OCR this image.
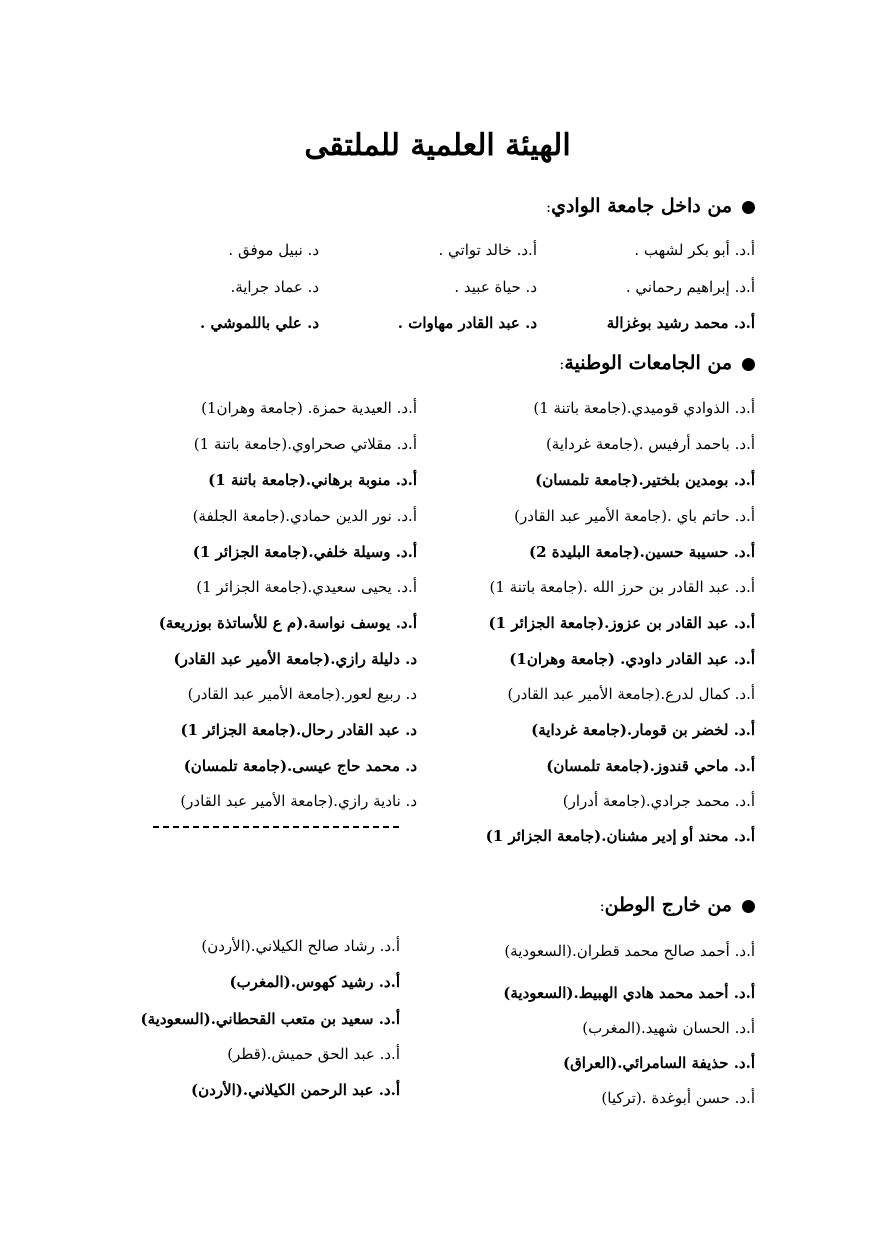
الهيئة العلمية للملتقى
من داخل جامعة الوادي:
أ.د. أبو بكر لشهب .
أ.د. خالد تواتي .
د. نبيل موفق .
أ.د. إبراهيم رحماني .
د. حياة عبيد .
د. عماد جراية.
أ.د. محمد رشيد بوغزالة
د. عبد القادر مهاوات .
د. علي باللموشي .
من الجامعات الوطنية:
أ.د. الذوادي قوميدي.(جامعة باتنة 1)
أ.د. باحمد أرفيس .(جامعة غرداية)
أ.د. بومدين بلختير.(جامعة تلمسان)
أ.د. حاتم باي .(جامعة الأمير عبد القادر)
أ.د. حسيبة حسين.(جامعة البليدة 2)
أ.د. عبد القادر بن حرز الله .(جامعة باتنة 1)
أ.د. عبد القادر بن عزوز.(جامعة الجزائر 1)
أ.د. عبد القادر داودي. (جامعة وهران1)
أ.د. كمال لدرع.(جامعة الأمير عبد القادر)
أ.د. لخضر بن قومار.(جامعة غرداية)
أ.د. ماحي قندوز.(جامعة تلمسان)
أ.د. محمد جرادي.(جامعة أدرار)
أ.د. محند أو إدير مشنان.(جامعة الجزائر 1)
أ.د. العيدية حمزة. (جامعة وهران1)
أ.د. مقلاتي صحراوي.(جامعة باتنة 1)
أ.د. منوبة برهاني.(جامعة باتنة 1)
أ.د. نور الدين حمادي.(جامعة الجلفة)
أ.د. وسيلة خلفي.(جامعة الجزائر 1)
أ.د. يحيى سعيدي.(جامعة الجزائر 1)
أ.د. يوسف نواسة.(م ع للأساتذة بوزريعة)
د. دليلة رازي.(جامعة الأمير عبد القادر)
د. ربيع لعور.(جامعة الأمير عبد القادر)
د. عبد القادر رحال.(جامعة الجزائر 1)
د. محمد حاج عيسى.(جامعة تلمسان)
د. نادية رازي.(جامعة الأمير عبد القادر)
من خارج الوطن:
أ.د. أحمد صالح محمد قطران.(السعودية)
أ.د. أحمد محمد هادي الهبيط.(السعودية)
أ.د. الحسان شهيد.(المغرب)
أ.د. حذيفة السامرائي.(العراق)
أ.د. حسن أبوغدة .(تركيا)
أ.د. رشاد صالح الكيلاني.(الأردن)
أ.د. رشيد كهوس.(المغرب)
أ.د. سعيد بن متعب القحطاني.(السعودية)
أ.د. عبد الحق حميش.(قطر)
أ.د. عبد الرحمن الكيلاني.(الأردن)
